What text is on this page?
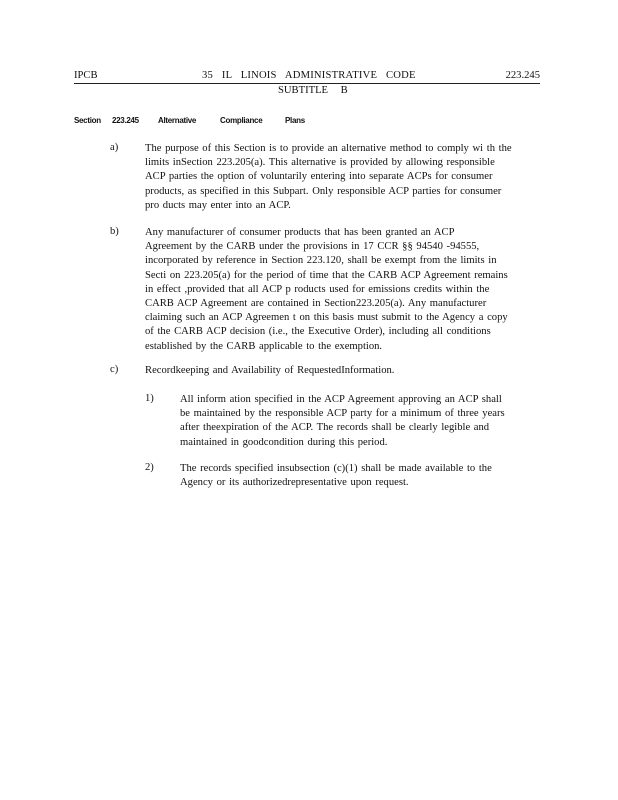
IPCB	35 IL LINOIS ADMINISTRATIVE CODE	223.245
SUBTITLE B
Section 223.245 Alternative	Compliance	Plans
a)	The purpose of this Section is to provide an alternative method to comply wi th the
limits inSection 223.205(a). This alternative is provided by allowing responsible
ACP parties the option of voluntarily entering into separate ACPs for consumer
products, as specified in this Subpart. Only responsible ACP parties for consumer
pro ducts may enter into an ACP.
b) Any manufacturer of consumer products that has been granted an ACP
Agreement by the CARB under the provisions in 17 CCR §§ 94540 -94555,
incorporated by reference in Section 223.120, shall be exempt from the limits in
Secti on 223.205(a) for the period of time that the CARB ACP Agreement remains
in effect ,provided that all ACP p roducts used for emissions credits within the
CARB ACP Agreement are contained in Section223.205(a). Any manufacturer
claiming such an ACP Agreemen t on this basis must submit to the Agency a copy
of the CARB ACP decision (i.e., the Executive Order), including all conditions
established by the CARB applicable to the exemption.
c)	Recordkeeping and Availability of RequestedInformation.
1) All inform ation specified in the ACP Agreement approving an ACP shall
be maintained by the responsible ACP party for a minimum of three years
after theexpiration of the ACP. The records shall be clearly legible and
maintained in goodcondition during this period.
2) The records specified insubsection (c)(1) shall be made available to the
Agency or its authorizedrepresentative upon request.
